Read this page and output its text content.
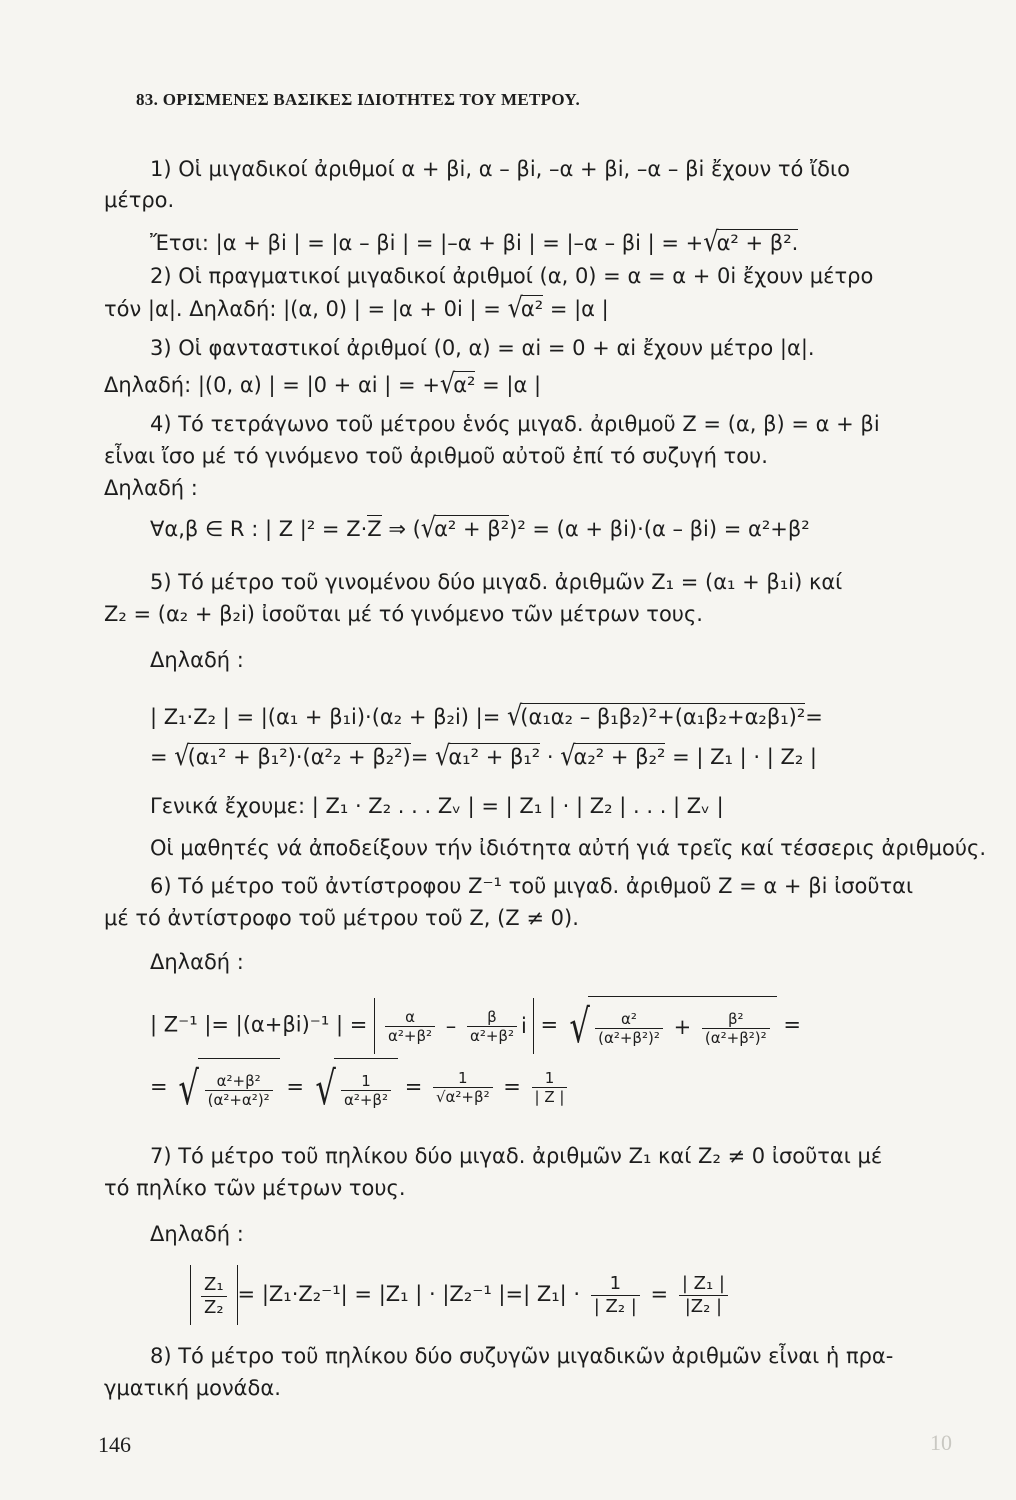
10
83. ΟΡΙΣΜΕΝΕΣ ΒΑΣΙΚΕΣ ΙΔΙΟΤΗΤΕΣ ΤΟΥ ΜΕΤΡΟΥ.
1) Οἱ μιγαδικοί ἀριθμοί α + βi, α – βi, –α + βi, –α – βi ἔχουν τό ἴδιο
μέτρο.
Ἔτσι: |α + βi | = |α – βi | = |–α + βi | = |–α – βi | = +√α² + β².
2) Οἱ πραγματικοί μιγαδικοί ἀριθμοί (α, 0) = α = α + 0i ἔχουν μέτρο
τόν |α|. Δηλαδή: |(α, 0) | = |α + 0i | = √α² = |α |
3) Οἱ φανταστικοί ἀριθμοί (0, α) = αi = 0 + αi ἔχουν μέτρο |α|.
Δηλαδή: |(0, α) | = |0 + αi | = +√α² = |α |
4) Τό τετράγωνο τοῦ μέτρου ἑνός μιγαδ. ἀριθμοῦ Z = (α, β) = α + βi
εἶναι ἴσο μέ τό γινόμενο τοῦ ἀριθμοῦ αὐτοῦ ἐπί τό συζυγή του.
Δηλαδή :
∀α,β ∈ R : | Z |² = Z·Z ⇒ (√α² + β²)² = (α + βi)·(α – βi) = α²+β²
5) Τό μέτρο τοῦ γινομένου δύο μιγαδ. ἀριθμῶν Z₁ = (α₁ + β₁i) καί
Z₂ = (α₂ + β₂i) ἰσοῦται μέ τό γινόμενο τῶν μέτρων τους.
Δηλαδή :
| Z₁·Z₂ | = |(α₁ + β₁i)·(α₂ + β₂i) |= √(α₁α₂ – β₁β₂)²+(α₁β₂+α₂β₁)²=
= √(α₁² + β₁²)·(α²₂ + β₂²)= √α₁² + β₁² · √α₂² + β₂² = | Z₁ | · | Z₂ |
Γενικά ἔχουμε: | Z₁ · Z₂ . . . Zᵥ | = | Z₁ | · | Z₂ | . . . | Zᵥ |
Οἱ μαθητές νά ἀποδείξουν τήν ἰδιότητα αὐτή γιά τρεῖς καί τέσσερις ἀριθμούς.
6) Τό μέτρο τοῦ ἀντίστροφου Z⁻¹ τοῦ μιγαδ. ἀριθμοῦ Z = α + βi ἰσοῦται
μέ τό ἀντίστροφο τοῦ μέτρου τοῦ Z, (Z ≠ 0).
Δηλαδή :
| Z⁻¹ |= |(α+βi)⁻¹ | = $\frac{\alpha}{\text{α²+β²}} - \frac{\beta}{\text{α²+β²}}$ i = √ $\frac{\text{α²}}{\text{(α²+β²)²}} + \frac{\text{β²}}{\text{(α²+β²)²}}$ =
= √ $\frac{\text{α²+β²}}{\text{(α²+α²)²}}$ = √ $\frac{1}{\text{α²+β²}} = \frac{1}{\text{√α²+β²}} = \frac{1}{| Z |}$
7) Τό μέτρο τοῦ πηλίκου δύο μιγαδ. ἀριθμῶν Z₁ καί Z₂ ≠ 0 ἰσοῦται μέ
τό πηλίκο τῶν μέτρων τους.
Δηλαδή :
$\frac{\text{Z₁}}{\text{Z₂}} = |Z_1\cdot Z_2^{-1}| = |Z_1$ | · |Z₂⁻¹ |=| $Z_1| \cdot \frac{1}{\text{| Z₂ |}} = \frac{\text{| Z₁ |}}{\text{|Z₂ |}}$
8) Τό μέτρο τοῦ πηλίκου δύο συζυγῶν μιγαδικῶν ἀριθμῶν εἶναι ἡ πρα-
γματική μονάδα.
146
